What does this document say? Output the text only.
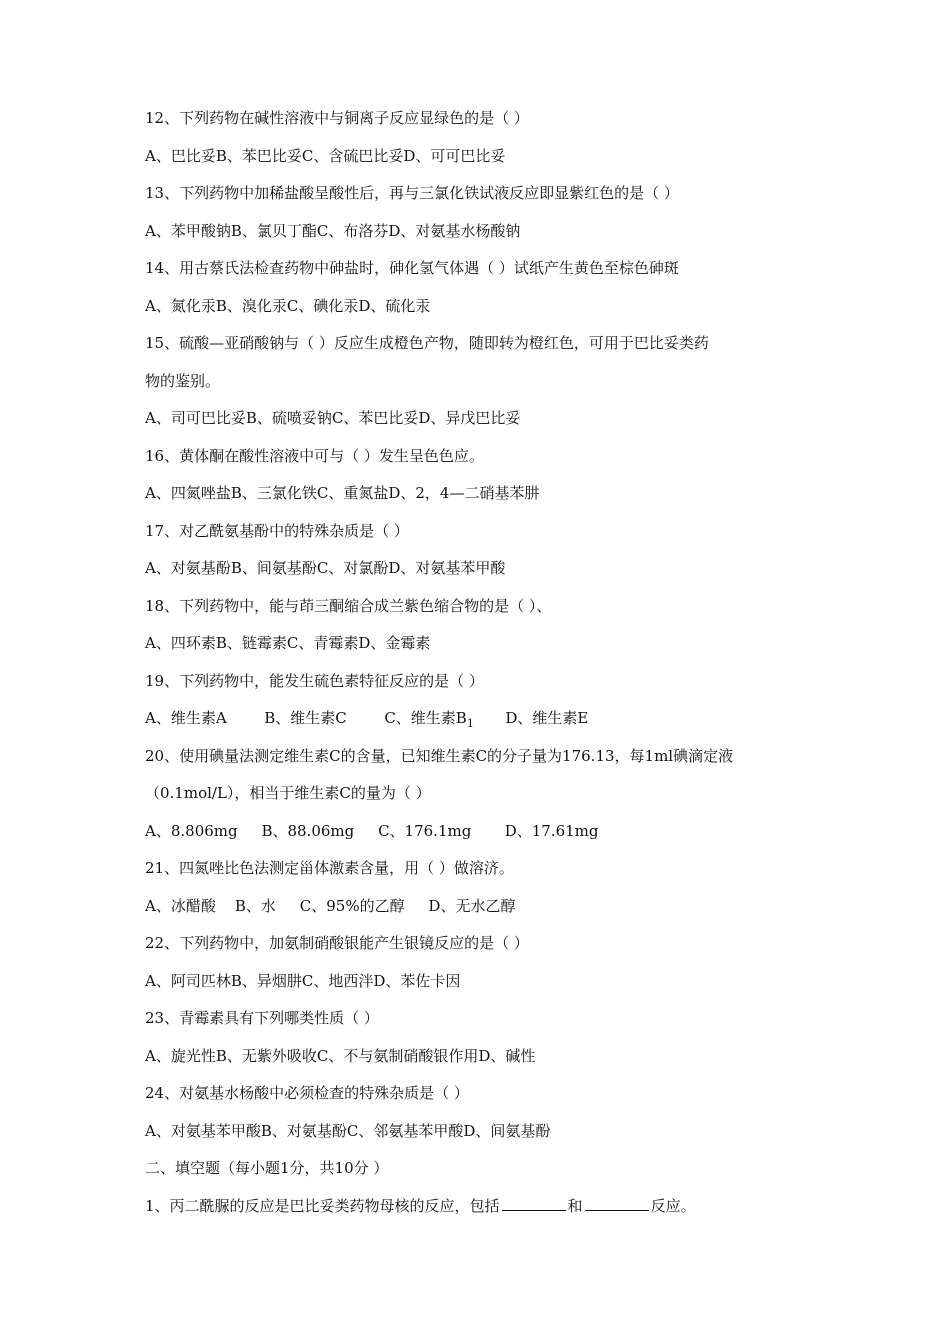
12、下列药物在碱性溶液中与铜离子反应显绿色的是（ ）
A、巴比妥B、苯巴比妥C、含硫巴比妥D、可可巴比妥
13、下列药物中加稀盐酸呈酸性后，再与三氯化铁试液反应即显紫红色的是（ ）
A、苯甲酸钠B、氯贝丁酯C、布洛芬D、对氨基水杨酸钠
14、用古蔡氏法检查药物中砷盐时，砷化氢气体遇（ ）试纸产生黄色至棕色砷斑
A、氮化汞B、溴化汞C、碘化汞D、硫化汞
15、硫酸—亚硝酸钠与（ ）反应生成橙色产物，随即转为橙红色，可用于巴比妥类药
物的鉴别。
A、司可巴比妥B、硫喷妥钠C、苯巴比妥D、异戊巴比妥
16、黄体酮在酸性溶液中可与（ ）发生呈色色应。
A、四氮唑盐B、三氯化铁C、重氮盐D、2，4—二硝基苯肼
17、对乙酰氨基酚中的特殊杂质是（ ）
A、对氨基酚B、间氨基酚C、对氯酚D、对氨基苯甲酸
18、下列药物中，能与茚三酮缩合成兰紫色缩合物的是（ ）、
A、四环素B、链霉素C、青霉素D、金霉素
19、下列药物中，能发生硫色素特征反应的是（ ）
A、维生素A	B、维生素C	C、维生素$B_1$ D、维生素E
20、使用碘量法测定维生素C的含量，已知维生素C的分子量为176.13，每1ml碘滴定液
（0.1mol/L），相当于维生素C的量为（ ）
A、8.806mg     B、88.06mg     C、176.1mg       D、17.61mg
21、四氮唑比色法测定甾体激素含量，用（ ）做溶济。
A、冰醋酸    B、水     C、95%的乙醇     D、无水乙醇
22、下列药物中，加氨制硝酸银能产生银镜反应的是（ ）
A、阿司匹林B、异烟肼C、地西泮D、苯佐卡因
23、青霉素具有下列哪类性质（ ）
A、旋光性B、无紫外吸收C、不与氨制硝酸银作用D、碱性
24、对氨基水杨酸中必须检查的特殊杂质是（ ）
A、对氨基苯甲酸B、对氨基酚C、邻氨基苯甲酸D、间氨基酚
二、填空题（每小题1分，共10分 ）
1、丙二酰脲的反应是巴比妥类药物母核的反应，包括	和	反应。
